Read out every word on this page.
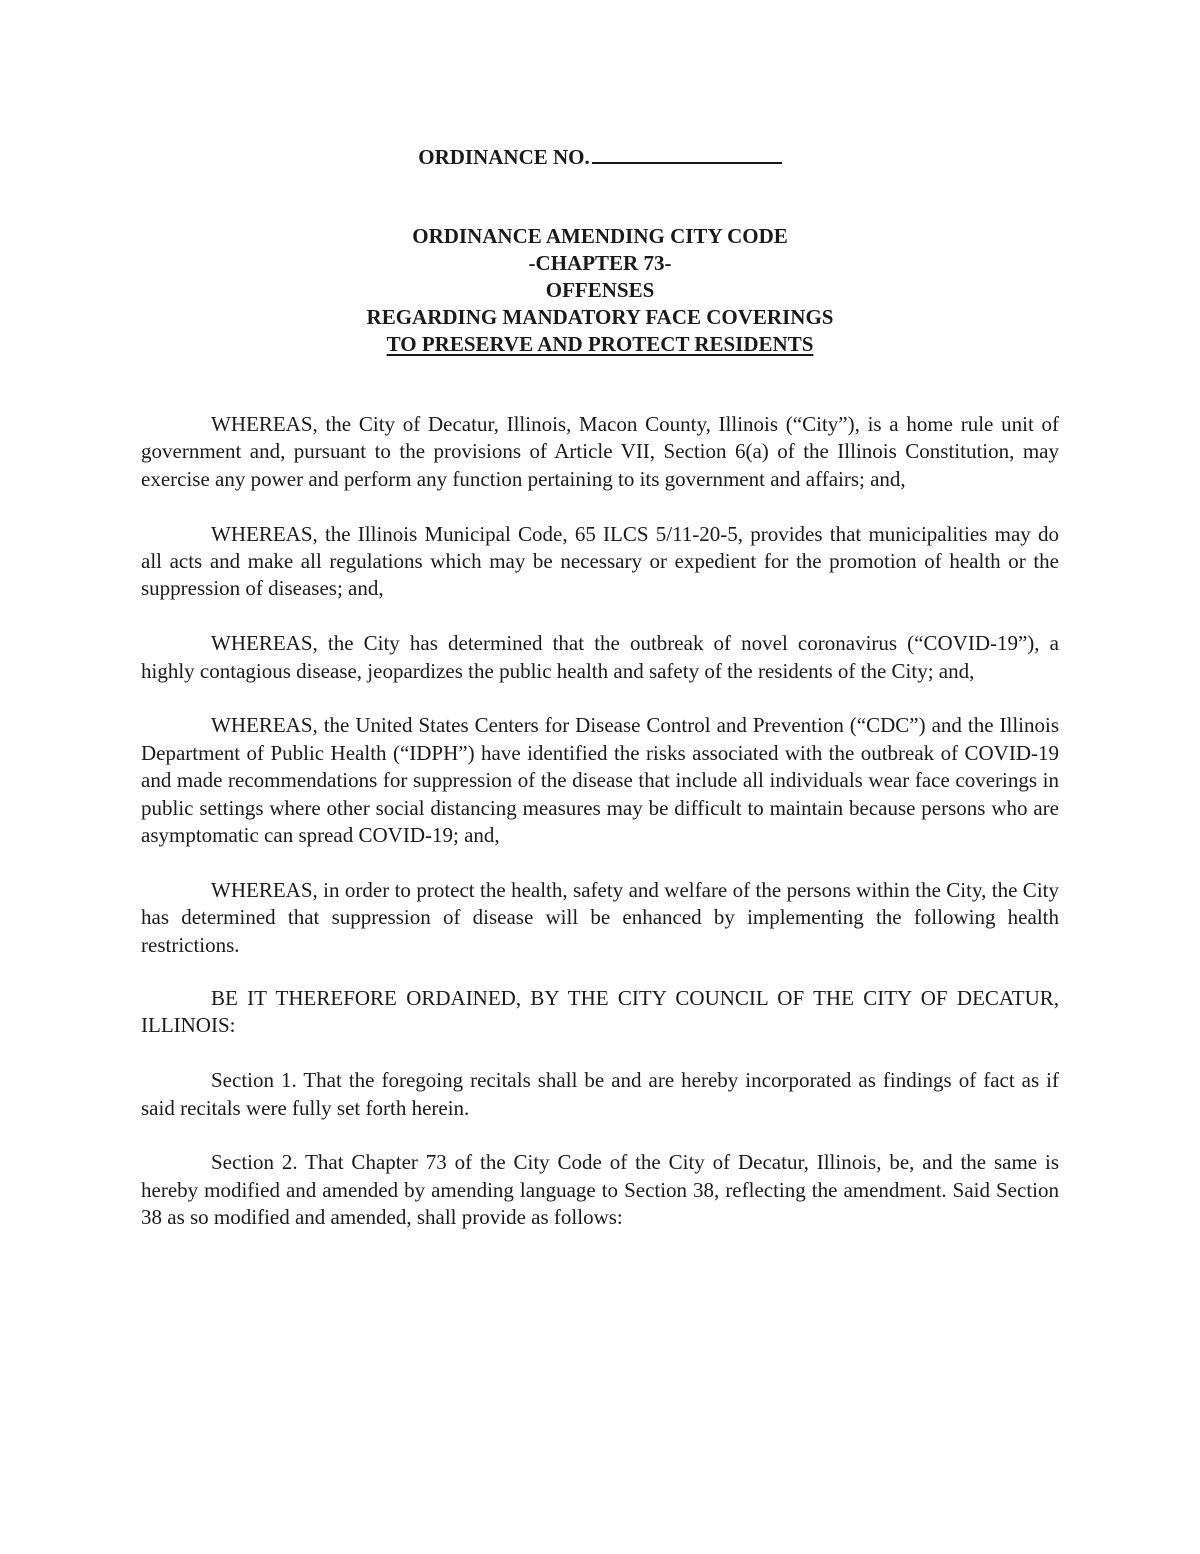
ORDINANCE NO.
ORDINANCE AMENDING CITY CODE
-CHAPTER 73-
OFFENSES
REGARDING MANDATORY FACE COVERINGS
TO PRESERVE AND PROTECT RESIDENTS

WHEREAS, the City of Decatur, Illinois, Macon County, Illinois (“City”), is a home rule unit of government and, pursuant to the provisions of Article VII, Section 6(a) of the Illinois Constitution, may exercise any power and perform any function pertaining to its government and affairs; and,

WHEREAS, the Illinois Municipal Code, 65 ILCS 5/11-20-5, provides that municipalities may do all acts and make all regulations which may be necessary or expedient for the promotion of health or the suppression of diseases; and,

WHEREAS, the City has determined that the outbreak of novel coronavirus (“COVID-19”), a highly contagious disease, jeopardizes the public health and safety of the residents of the City; and,

WHEREAS, the United States Centers for Disease Control and Prevention (“CDC”) and the Illinois Department of Public Health (“IDPH”) have identified the risks associated with the outbreak of COVID-19 and made recommendations for suppression of the disease that include all individuals wear face coverings in public settings where other social distancing measures may be difficult to maintain because persons who are asymptomatic can spread COVID-19; and,

WHEREAS, in order to protect the health, safety and welfare of the persons within the City, the City has determined that suppression of disease will be enhanced by implementing the following health restrictions.

BE IT THEREFORE ORDAINED, BY THE CITY COUNCIL OF THE CITY OF DECATUR, ILLINOIS:

Section 1. That the foregoing recitals shall be and are hereby incorporated as findings of fact as if said recitals were fully set forth herein.

Section 2. That Chapter 73 of the City Code of the City of Decatur, Illinois, be, and the same is hereby modified and amended by amending language to Section 38, reflecting the amendment. Said Section 38 as so modified and amended, shall provide as follows:
